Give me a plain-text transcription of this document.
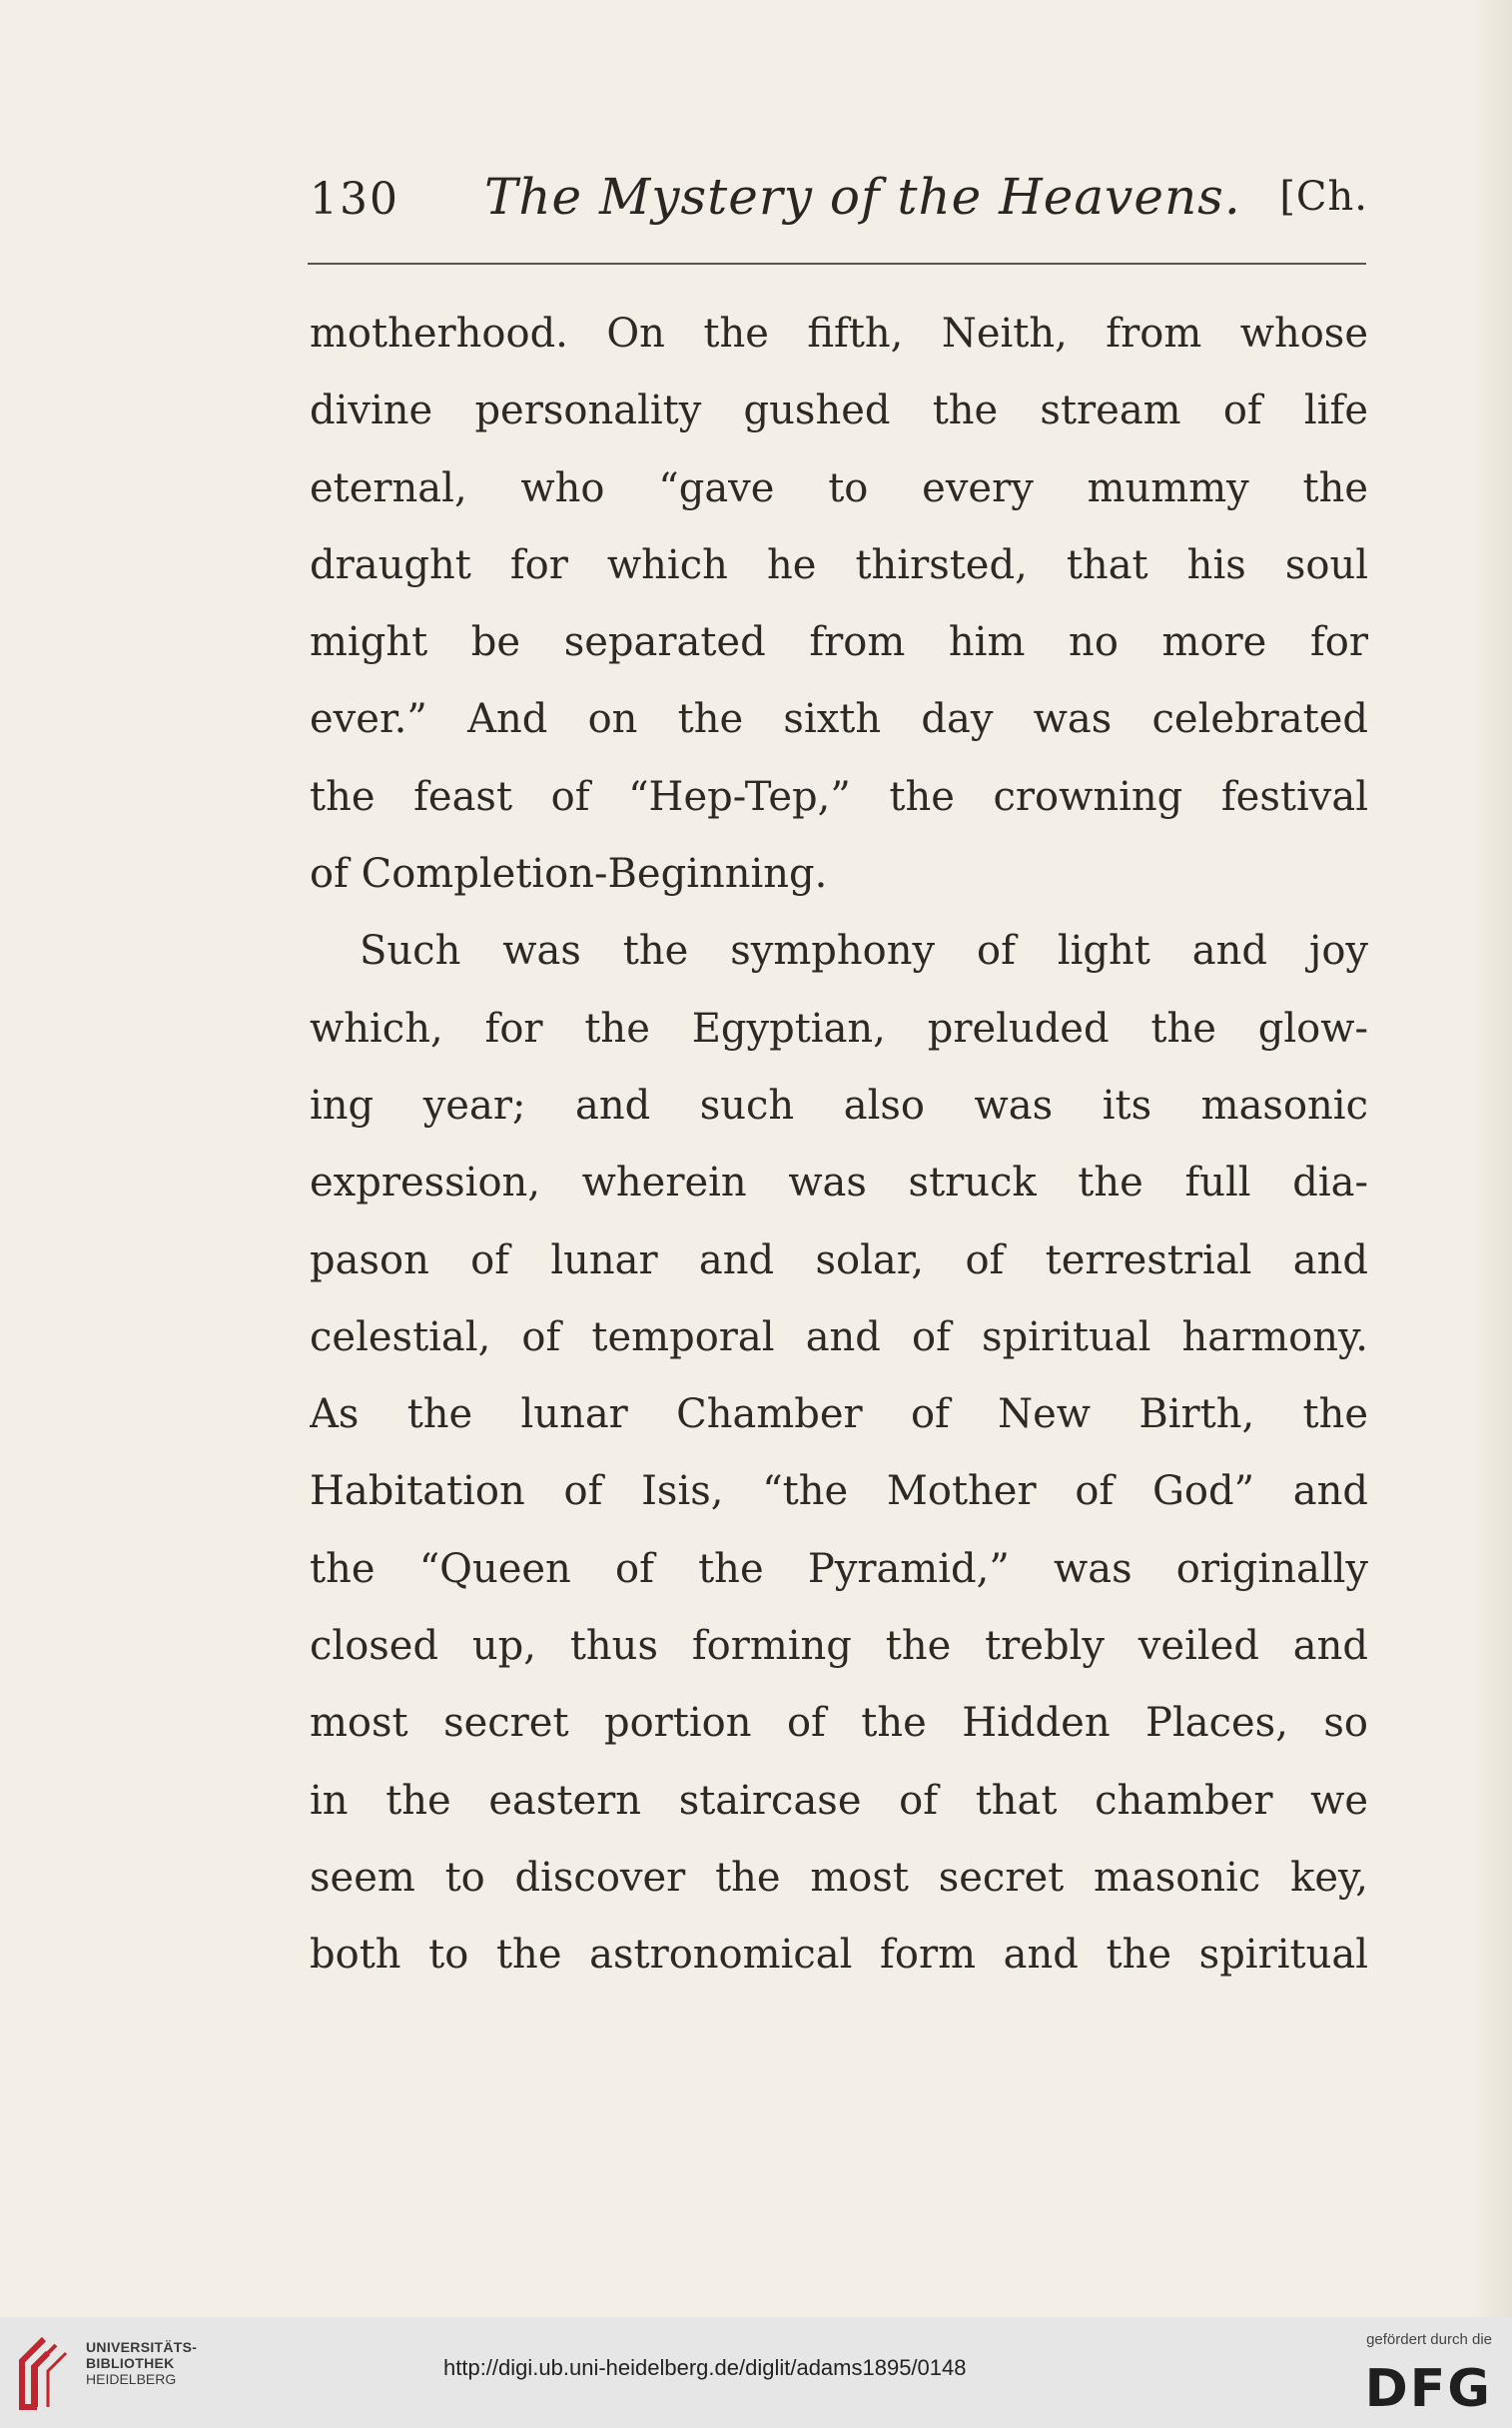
130 The Mystery of the Heavens. [Ch.
motherhood. On the fifth, Neith, from whose
divine personality gushed the stream of life
eternal, who “gave to every mummy the
draught for which he thirsted, that his soul
might be separated from him no more for
ever.” And on the sixth day was celebrated
the feast of “Hep-Tep,” the crowning festival
of Completion-Beginning.
Such was the symphony of light and joy
which, for the Egyptian, preluded the glow-
ing year; and such also was its masonic
expression, wherein was struck the full dia-
pason of lunar and solar, of terrestrial and
celestial, of temporal and of spiritual harmony.
As the lunar Chamber of New Birth, the
Habitation of Isis, “the Mother of God” and
the “Queen of the Pyramid,” was originally
closed up, thus forming the trebly veiled and
most secret portion of the Hidden Places, so
in the eastern staircase of that chamber we
seem to discover the most secret masonic key,
both to the astronomical form and the spiritual
UNIVERSITÄTS-
BIBLIOTHEK
HEIDELBERG	http://digi.ub.uni-heidelberg.de/diglit/adams1895/0148
gefördert durch die
DFG
